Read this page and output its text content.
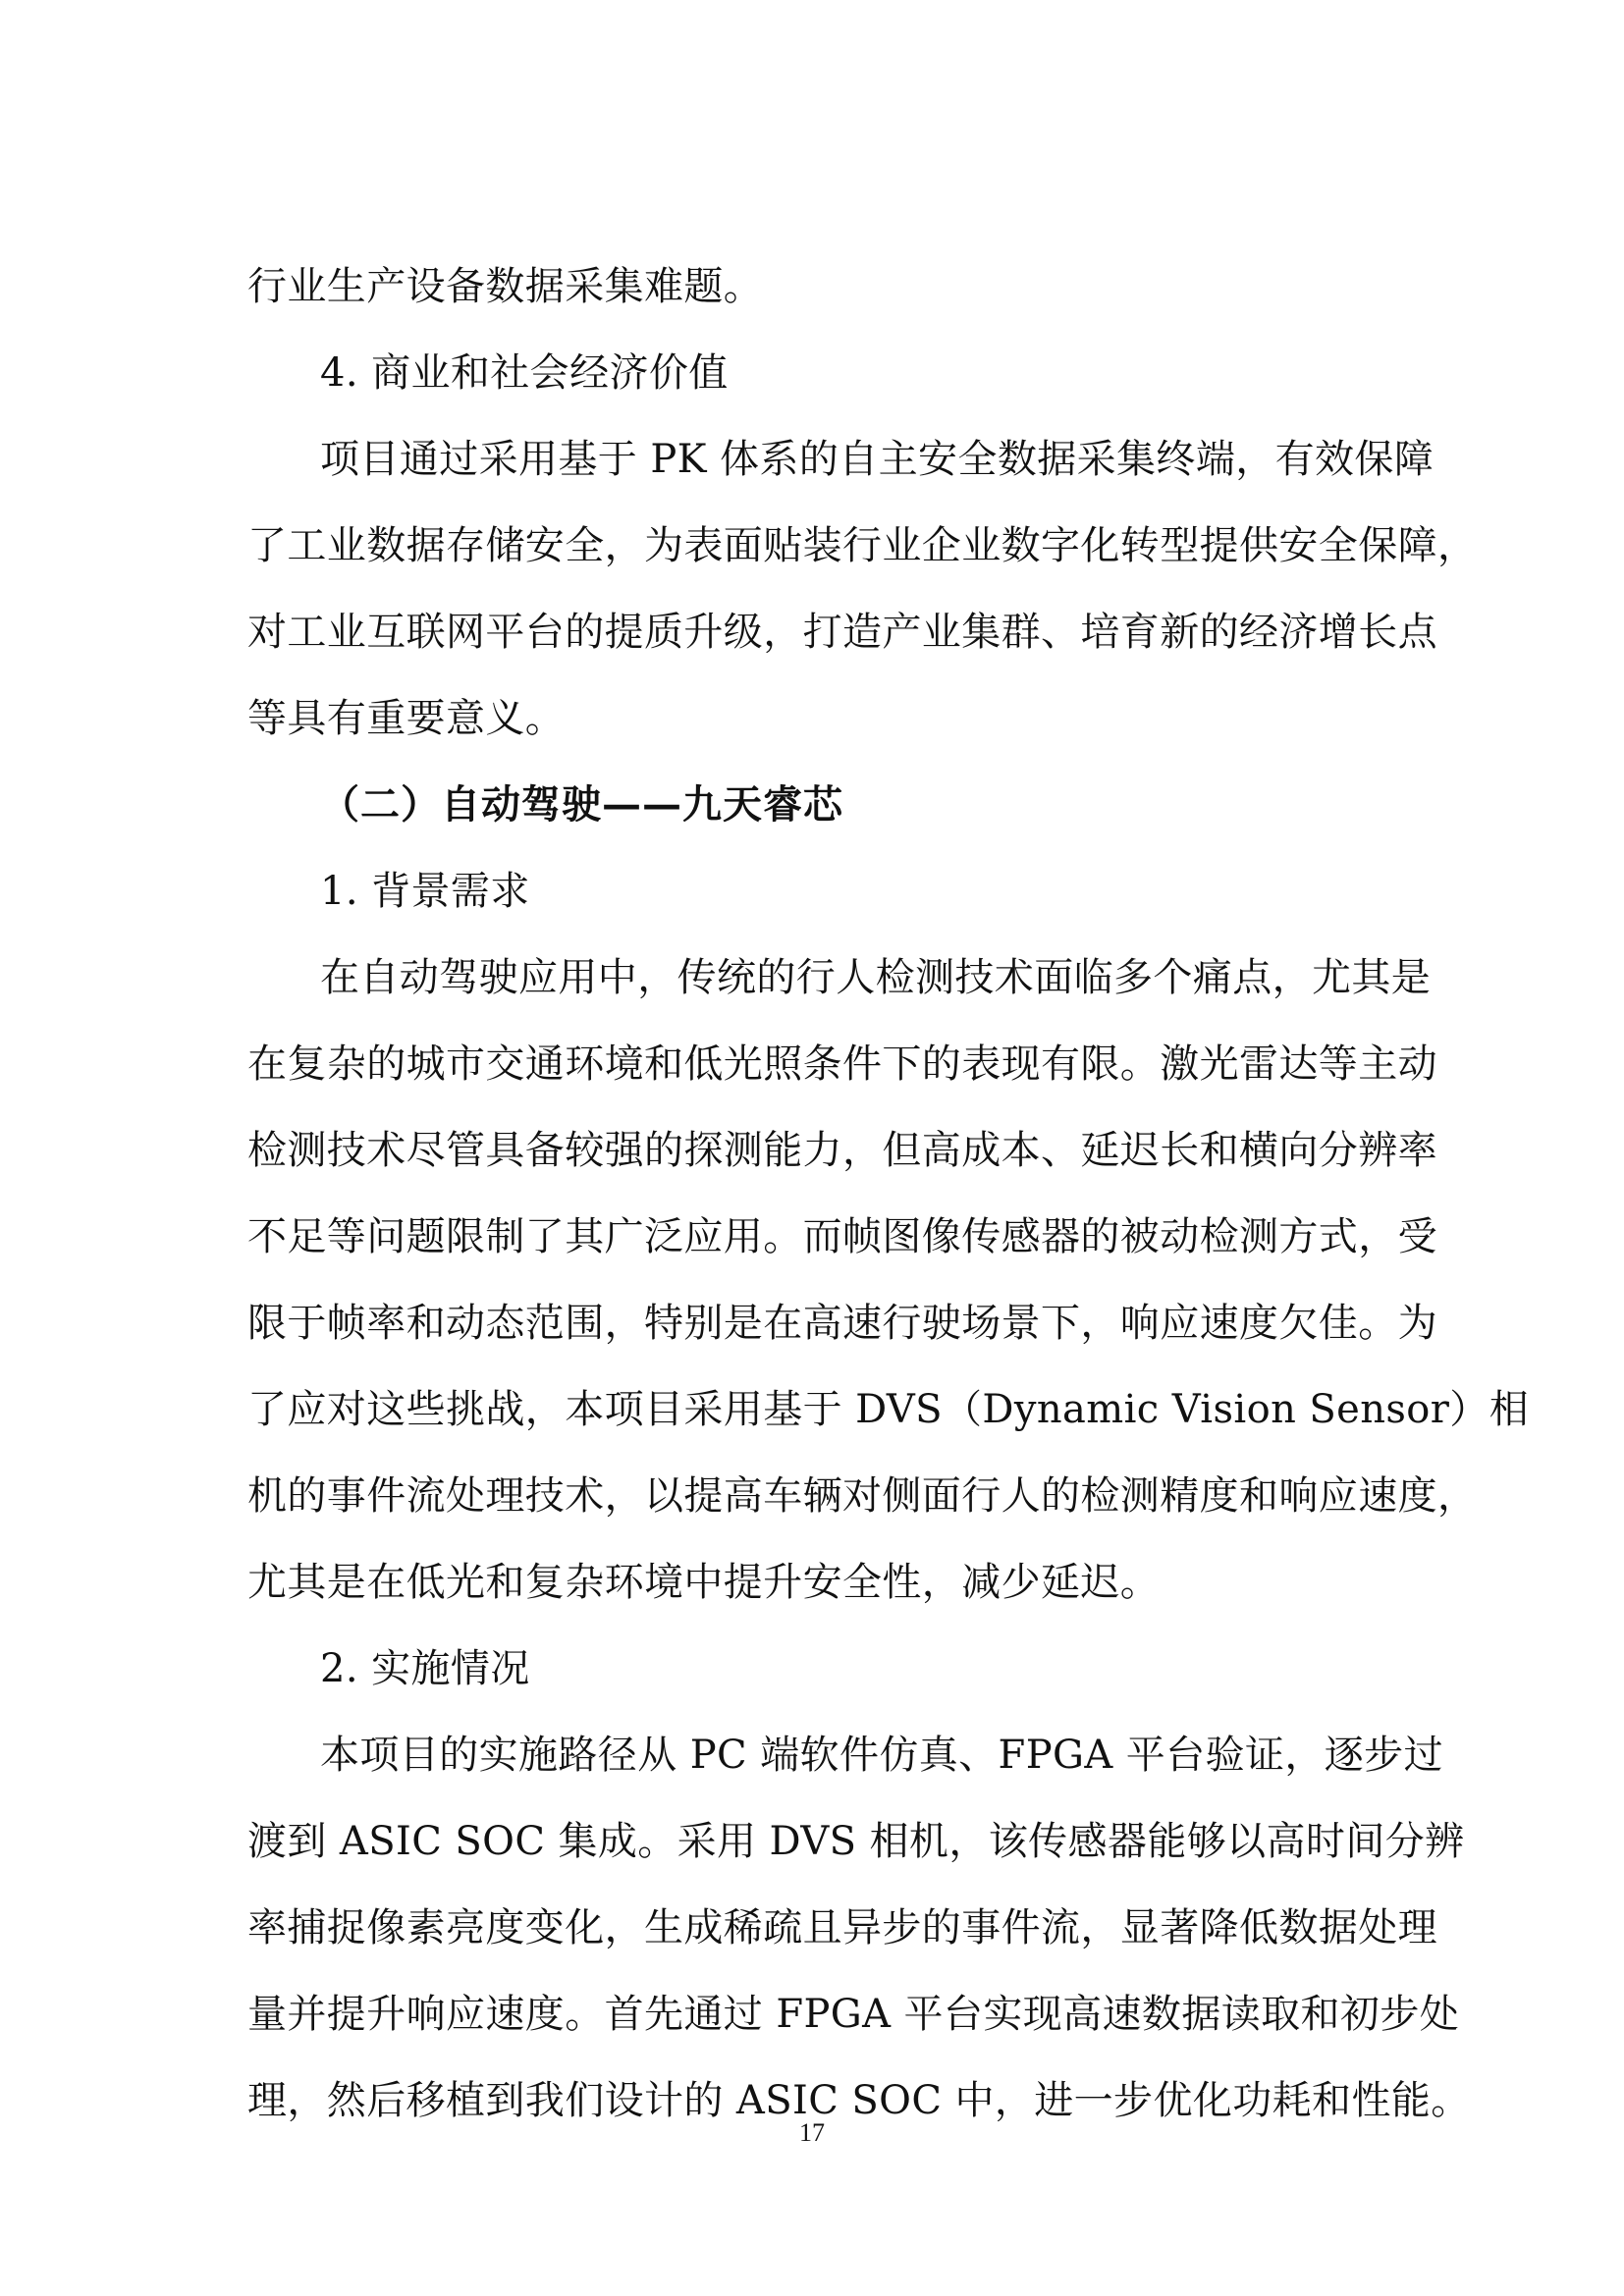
行业生产设备数据采集难题。
4. 商业和社会经济价值
项目通过采用基于 PK 体系的自主安全数据采集终端，有效保障
了工业数据存储安全，为表面贴装行业企业数字化转型提供安全保障，
对工业互联网平台的提质升级，打造产业集群、培育新的经济增长点
等具有重要意义。
（二）自动驾驶——九天睿芯
1. 背景需求
在自动驾驶应用中，传统的行人检测技术面临多个痛点，尤其是
在复杂的城市交通环境和低光照条件下的表现有限。激光雷达等主动
检测技术尽管具备较强的探测能力，但高成本、延迟长和横向分辨率
不足等问题限制了其广泛应用。而帧图像传感器的被动检测方式，受
限于帧率和动态范围，特别是在高速行驶场景下，响应速度欠佳。为
了应对这些挑战，本项目采用基于 DVS（Dynamic Vision Sensor）相
机的事件流处理技术，以提高车辆对侧面行人的检测精度和响应速度，
尤其是在低光和复杂环境中提升安全性，减少延迟。
2. 实施情况
本项目的实施路径从 PC 端软件仿真、FPGA 平台验证，逐步过
渡到 ASIC SOC 集成。采用 DVS 相机，该传感器能够以高时间分辨
率捕捉像素亮度变化，生成稀疏且异步的事件流，显著降低数据处理
量并提升响应速度。首先通过 FPGA 平台实现高速数据读取和初步处
理，然后移植到我们设计的 ASIC SOC 中，进一步优化功耗和性能。
17
